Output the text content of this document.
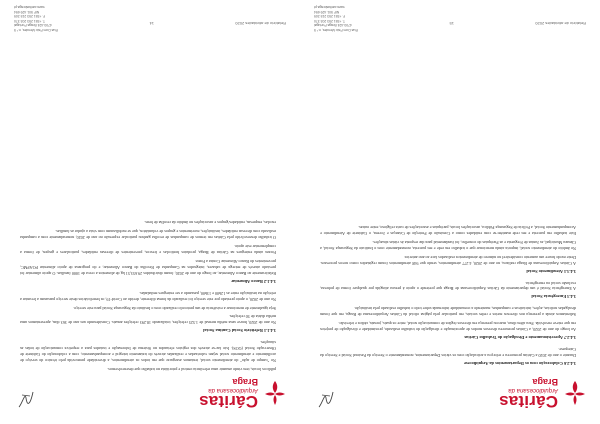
Cáritas
Arquidiocesana da
Braga
públicos locais, tem vindo assumir uma relevância central e prioritária no trabalho que desenvolvemos.
No "campo de ação" do atendimento social, tentamos assegurar que em todos os atendimentos, a diversidade promovida pelo técnico do serviço de acolhimento e atendimento social sejam valorizadas e realizadas através do tratamento integral e acompanhamento, com a colaboração do Gabinete de Observação Social (GOS). Isto faz-se através dos registos efetuados no Sistema de Informação e tratados para a respetiva comunicação de todas as situações.
3.4.1.1 Refeitório Social Cantina Social
No ano de 2020, houve uma média mensal de 1.525 refeições, totalizando 18.293 refeições anuais. Considerando um ano de 363 dias, apresentamos uma média diária de 50 refeições.
Seja igualmente de mencionar a existência de um protocolo realizado com o Instituto da Segurança Social para este serviço.
No ano de 2020, o apoio prestado por este serviço foi realizado da forma diferente, devido ao Covid-19, os beneficiários deste serviço passaram a levantar a refeição na instituição entre as 12h00 e 13h00, passando a ser entregues embaladas.
3.4.1.2 Banco Alimentar
Relativamente ao Banco Alimentar, ao longo do ano de 2020, foram distribuídos 29.653,51 kg de alimentos a cerca de 1000 famílias. O apoio alimentar foi prestado através de entrega de cabazes, integrados na Campanha de Recolha do Banco Alimentar, e do programa de apoio alimentar POAPMC, provenientes do Banco Alimentar Contra a Fome.
Foram ainda entregues na Cáritas de Braga, produtos hortícolas e frescos, provenientes de diversas entidades, particulares e grupos, de forma a complementar este apoio.
O trabalho desenvolvido pela Cáritas em termos de campanhas de recolha ganhou particular expressão no ano de 2020, nomeadamente com a campanha realizada com diversas entidades, instituições, movimentos e grupos de voluntários, que se mobilizaram com vista a ajudar as famílias.
escolas, empresas, entidades/grupos e associações no âmbito da recolha de bens.
Relatório de atividades 2020
14
Rua Dom Paio Mendes, n.º 5
4700-424 Braga Portugal
T. +351 253 203 370
F. +351 253 215 209
NIF 501 429 694
www.caritasbraga.pt
Cáritas
Arquidiocesana da
Braga
3.4.2.6 Colaboração com os Departamentos da Arquidiocese
Durante o ano de 2020 a Cáritas promoveu e reforçou a articulação com os vários Departamentos, nomeadamente o Serviço da Pastoral Social e Serviço da Catequese.
3.4.2.7 Aprovisionamento e Divulgação do Trabalho Cáritas
Ao longo do ano de 2020, a Cáritas promoveu diversos modos de aproximação e divulgação do trabalho realizado, proximidade e divulgação de projetos em que esteve envolvida. Para além disso, marcou presença em diversos órgãos de comunicação social, entre os quais, jornais, rádios e televisão.
Salientamos ainda a presença nos diversos meios e redes sociais, em particular pela página oficial da Cáritas Arquidiocesana de Braga, em que foram divulgadas notícias, ações, iniciativas e campanhas, mantendo a comunidade informada sobre todo o trabalho realizado pela instituição.
3.4.3 Emergência Social
A Emergência Social é um departamento da Cáritas Arquidiocesana de Braga que pretende o apoio à pessoa atingida por qualquer forma de pobreza, exclusão social ou emergência.
3.4.3.1 Atendimento Social
A Cáritas Arquidiocesana de Braga realizou, no ano de 2020, 4.277 atendimentos, sendo que 948 atendimentos foram registados como novos processos. Deste modo houve um aumento considerável no número de atendimentos realizados face ao ano anterior.
No âmbito do atendimento social, importa ainda mencionar que o trabalho em rede e em parceria, nomeadamente com o Instituto da Segurança Social, a Câmara Municipal, as Juntas de Freguesia e as Paróquias do concelho, foi fundamental para dar resposta às várias situações.
Este trabalho em parceria e em rede mantém-se com entidades como a Comissão de Proteção de Crianças e Jovens, o Gabinete de Atendimento e Acompanhamento Social, a Polícia de Segurança Pública, associações locais, paróquias e associações de cariz religioso, entre outras.
Relatório de atividades 2020
15
Rua Dom Paio Mendes, n.º 5
4700-424 Braga Portugal
T. +351 253 203 370
F. +351 253 215 209
NIF 501 429 694
www.caritasbraga.pt
